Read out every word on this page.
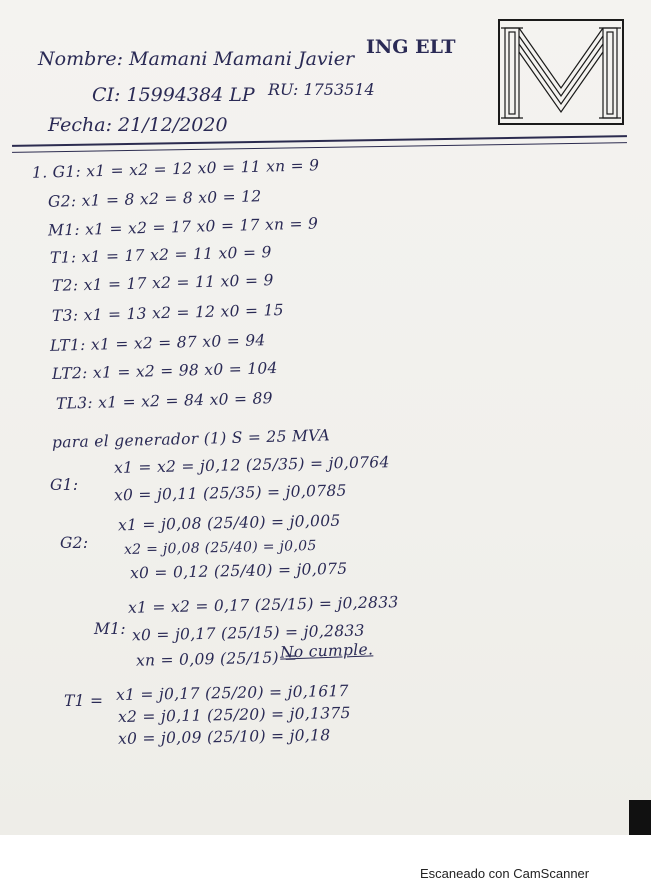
Nombre: Mamani Mamani Javier
ING ELT
CI: 15994384 LP RU: 1753514
Fecha: 21/12/2020
1. G1: x1 = x2 = 12 x0 = 11 xn = 9
G2: x1 = 8 x2 = 8 x0 = 12
M1: x1 = x2 = 17 x0 = 17 xn = 9
T1: x1 = 17 x2 = 11 x0 = 9
T2: x1 = 17 x2 = 11 x0 = 9
T3: x1 = 13 x2 = 12 x0 = 15
LT1: x1 = x2 = 87 x0 = 94
LT2: x1 = x2 = 98 x0 = 104
TL3: x1 = x2 = 84 x0 = 89
para el generador (1) S = 25 MVA
G1:
x1 = x2 = j0,12 (25/35) = j0,0764
x0 = j0,11 (25/35) = j0,0785
G2:
x1 = j0,08 (25/40) = j0,005
x2 = j0,08 (25/40) = j0,05
x0 = 0,12 (25/40) = j0,075
M1:
x1 = x2 = 0,17 (25/15) = j0,2833
x0 = j0,17 (25/15) = j0,2833
xn = 0,09 (25/15) =
No cumple.
T1 = x1 = j0,17 (25/20) = j0,1617
x2 = j0,11 (25/20) = j0,1375
x0 = j0,09 (25/10) = j0,18
Escaneado con CamScanner
